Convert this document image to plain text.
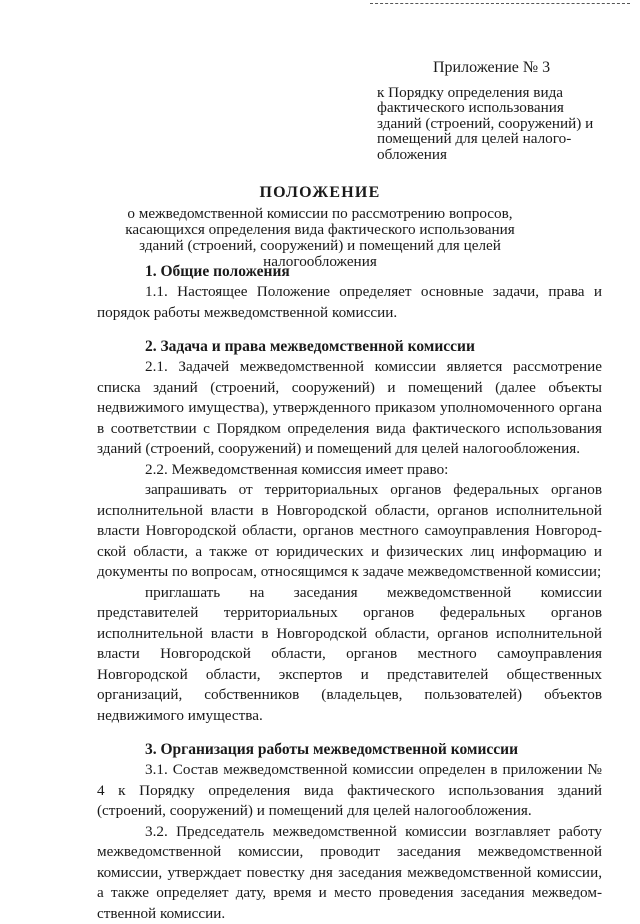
Приложение № 3
к Порядку определения вида фактического использования зданий (строений, сооружений) и помещений для целей налого-обложения
ПОЛОЖЕНИЕ
о межведомственной комиссии по рассмотрению вопросов, касающихся определения вида фактического использования зданий (строений, сооружений) и помещений для целей налогообложения
1. Общие положения

1.1. Настоящее Положение определяет основные задачи, права и порядок работы межведомственной комиссии.

2. Задача и права межведомственной комиссии

2.1. Задачей межведомственной комиссии является рассмотрение списка зданий (строений, сооружений) и помещений (далее объекты недвижимого имущества), утвержденного приказом уполномоченного органа в соответствии с Порядком определения вида фактического использования зданий (строений, сооружений) и помещений для целей налогообложения.

2.2. Межведомственная комиссия имеет право:

запрашивать от территориальных органов федеральных органов исполнительной власти в Новгородской области, органов исполнительной власти Новгородской области, органов местного самоуправления Новгород-ской области, а также от юридических и физических лиц информацию и документы по вопросам, относящимся к задаче межведомственной комиссии;

приглашать на заседания межведомственной комиссии представителей территориальных органов федеральных органов исполнительной власти в Новгородской области, органов исполнительной власти Новгородской области, органов местного самоуправления Новгородской области, экспертов и представителей общественных организаций, собственников (владельцев, пользователей) объектов недвижимого имущества.

3. Организация работы межведомственной комиссии

3.1. Состав межведомственной комиссии определен в приложении № 4 к Порядку определения вида фактического использования зданий (строений, сооружений) и помещений для целей налогообложения.

3.2. Председатель межведомственной комиссии возглавляет работу межведомственной комиссии, проводит заседания межведомственной комиссии, утверждает повестку дня заседания межведомственной комиссии, а также определяет дату, время и место проведения заседания межведом-ственной комиссии.
